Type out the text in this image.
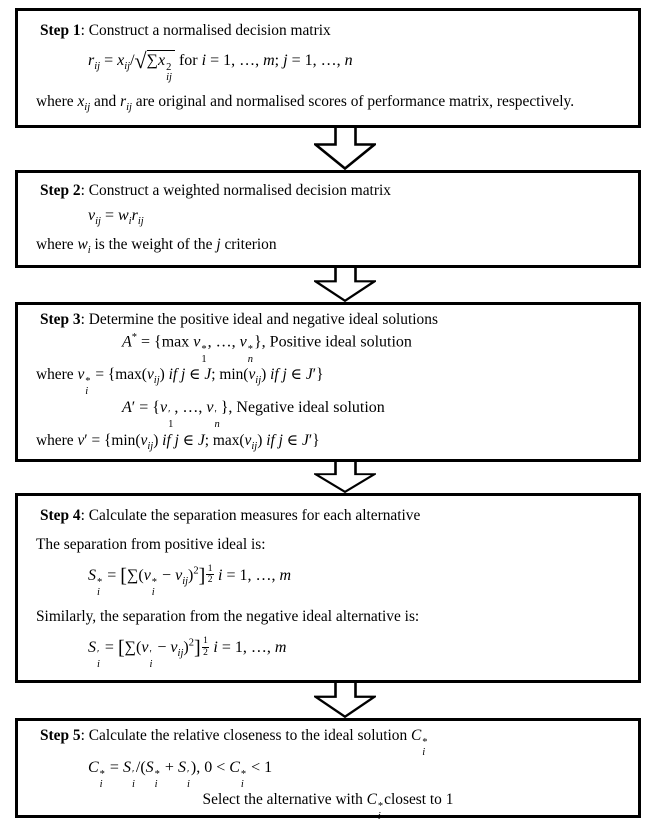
Step 1: Construct a normalised decision matrix
$r_{ij} = x_{ij}/√\sum x$ 2
ij
for i = 1, …, m; j = 1, …, n
where $x_{ij}$ and $r_{ij}$ are original and normalised scores of performance matrix, respectively.
Step 2: Construct a weighted normalised decision matrix
$v_{ij} = w_ir_{ij}$
where $w_i$ is the weight of the j criterion
Step 3: Determine the positive ideal and negative ideal solutions
A* = {max v *
1
, …, v *
n
}, Positive ideal solution
where v *
i
= {$\max(v_{ij})$ if j ∈ J; $\min(v_{ij})$ if j ∈ J′}
A′ = {v ′
1
, …, v ′
n
}, Negative ideal solution
where $v' = \{\min(v_{ij})$ if j ∈ J; $\max(v_{ij})$ if j ∈ J′}
Step 4: Calculate the separation measures for each alternative
The separation from positive ideal is:
S *
i
= [∑(v *
i
− $v_{ij})^2] \frac{1}{2}$ i = 1, …, m
Similarly, the separation from the negative ideal alternative is:
S ′
i
= [∑(v ′
i
− $v_{ij})^2] \frac{1}{2}$ i = 1, …, m
Step 5: Calculate the relative closeness to the ideal solution C *
i
C *
i
= S ′
i
/(S *
i
+ S ′
i
), 0 < C *
i
< 1
Select the alternative with C *
i
closest to 1
